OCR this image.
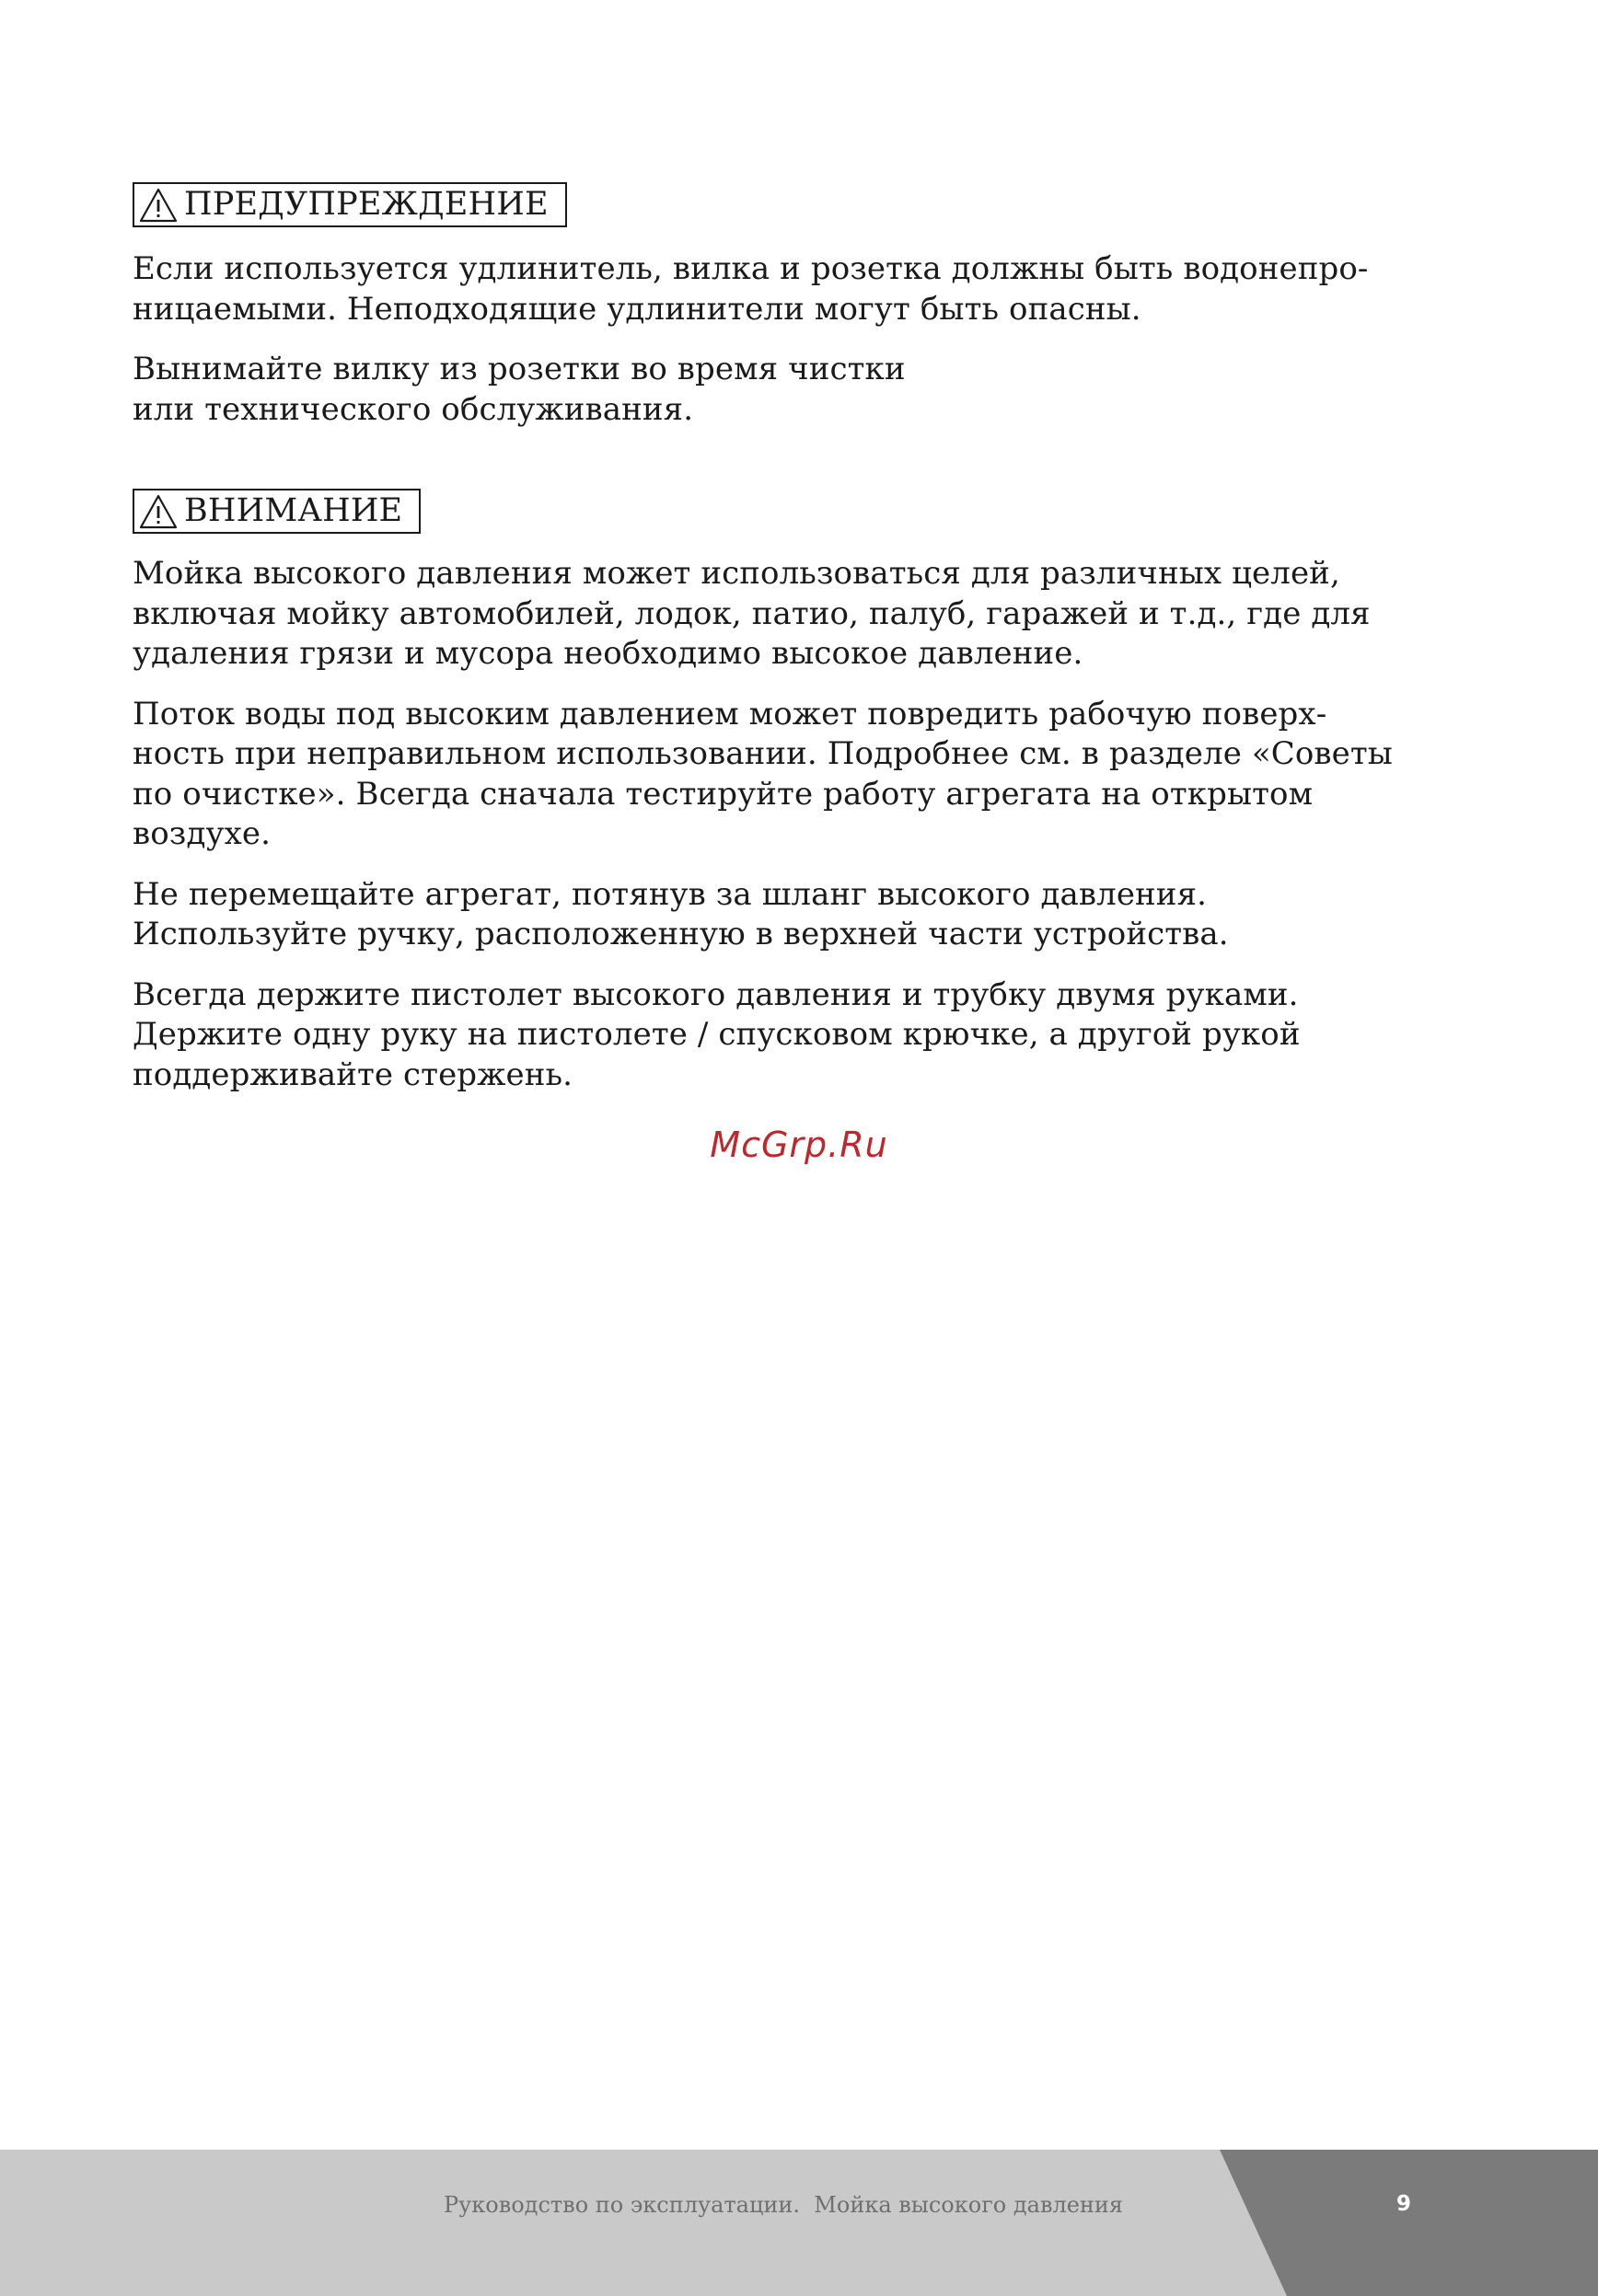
ПРЕДУПРЕЖДЕНИЕ

Если используется удлинитель, вилка и розетка должны быть водонепро-
ницаемыми. Неподходящие удлинители могут быть опасны.

Вынимайте вилку из розетки во время чистки
или технического обслуживания.

ВНИМАНИЕ

Мойка высокого давления может использоваться для различных целей,
включая мойку автомобилей, лодок, патио, палуб, гаражей и т.д., где для
удаления грязи и мусора необходимо высокое давление.

Поток воды под высоким давлением может повредить рабочую поверх-
ность при неправильном использовании. Подробнее см. в разделе «Советы
по очистке». Всегда сначала тестируйте работу агрегата на открытом
воздухе.

Не перемещайте агрегат, потянув за шланг высокого давления.
Используйте ручку, расположенную в верхней части устройства.

Всегда держите пистолет высокого давления и трубку двумя руками.
Держите одну руку на пистолете / спусковом крючке, а другой рукой
поддерживайте стержень.

McGrp.Ru
Руководство по эксплуатации.  Мойка высокого давления	9
